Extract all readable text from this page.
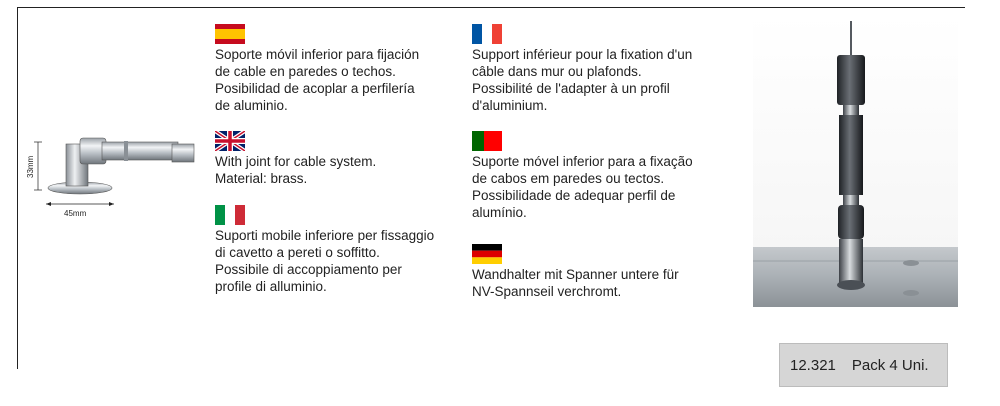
33mm
45mm
Soporte móvil inferior para fijación
de cable en paredes o techos.
Posibilidad de acoplar a perfilería
de aluminio.
With joint for cable system.
Material: brass.
Suporti mobile inferiore per fissaggio
di cavetto a pereti o soffitto.
Possibile di accoppiamento per
profile di alluminio.
Support inférieur pour la fixation d'un
câble dans mur ou plafonds.
Possibilité de l'adapter à un profil
d'aluminium.
Suporte móvel inferior para a fixação
de cabos em paredes ou tectos.
Possibilidade de adequar perfil de
alumínio.
Wandhalter mit Spanner untere für
NV-Spannseil verchromt.
12.321 Pack 4 Uni.
